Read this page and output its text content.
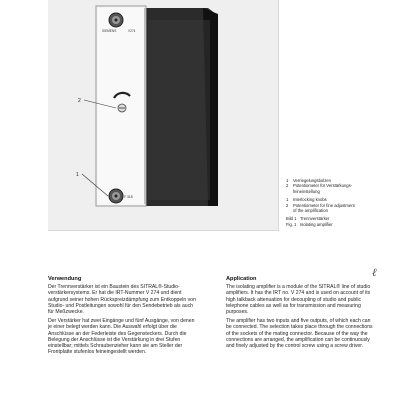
SIEMENS	V274
2
1
F 318
1	Verriegelungsbolzen
2	Potentiometer für Verstärkungs-
feineinstellung
1	Interlocking knobs
2	Potentiometer for fine adjustment
of the amplification
Bild 1 Trennverstärker
Fig. 1 Isolating amplifier
ℓ
Verwendung

Der Trennverstärker ist ein Baustein des SITRAL®-Studio-verstärkersystems. Er hat die IRT-Nummer V 274 und dient aufgrund seiner hohen Rückspreizdämpfung zum Entkoppeln von Studio- und Postleitungen sowohl für den Sendebetrieb als auch für Meßzwecke.

Der Verstärker hat zwei Eingänge und fünf Ausgänge, von denen je einer belegt werden kann. Die Auswahl erfolgt über die Anschlüsse an der Federleiste des Gegensteckers. Durch die Belegung der Anschlüsse ist die Verstärkung in drei Stufen einstellbar; mittels Schraubenzieher kann sie am Steller der Frontplatte stufenlos feineingestellt werden.

Application

The isolating amplifier is a module of the SITRAL® line of studio amplifiers. It has the IRT no. V 274 and is used on account of its high talkback attenuation for decoupling of studio and public telephone cables as well as for transmission and measuring purposes.

The amplifier has two inputs and five outputs, of which each can be connected. The selection takes place through the connections of the sockets of the mating connector. Because of the way the connections are arranged, the amplification can be continuously and finely adjusted by the control screw using a screw driver.
